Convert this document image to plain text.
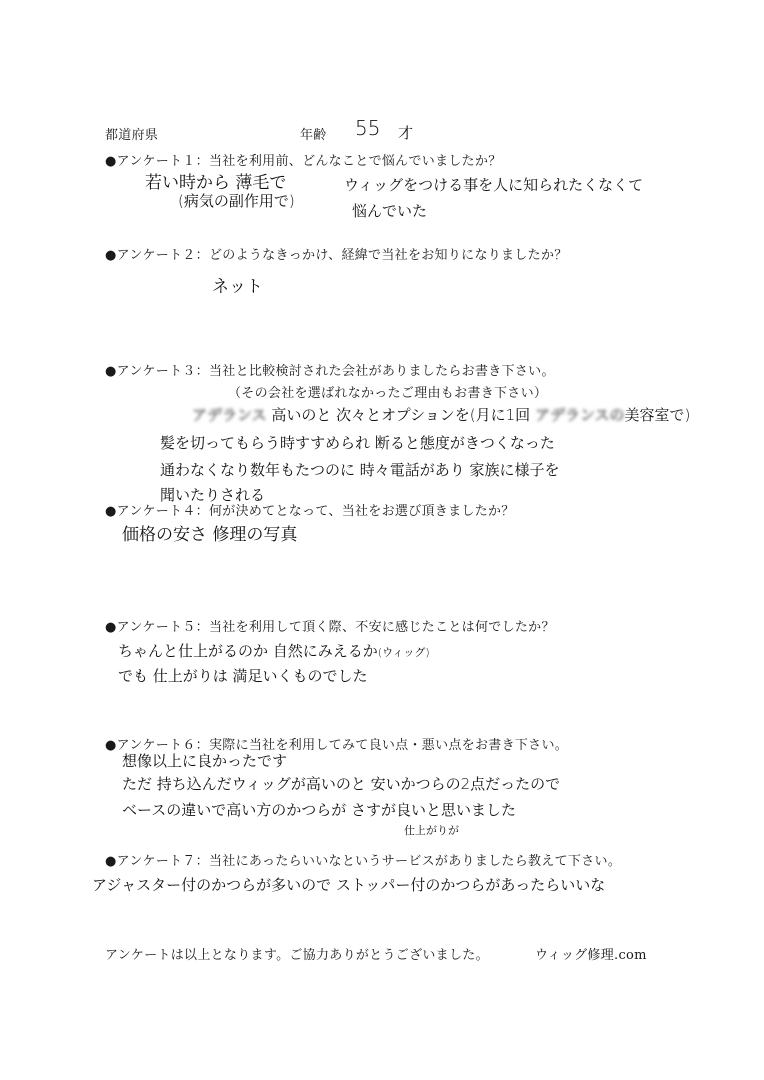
都道府県	年齢 55 才
●アンケート１：当社を利用前、どんなことで悩んでいましたか？
若い時から 薄毛で
(病気の副作用で)
ウィッグをつける事を人に知られたくなくて
悩んでいた
●アンケート２：どのようなきっかけ、経緯で当社をお知りになりましたか？
ネット
●アンケート３：当社と比較検討された会社がありましたらお書き下さい。
（その会社を選ばれなかったご理由もお書き下さい）
アデランス 高いのと 次々とオプションを(月に1回 アデランスの美容室で)
髪を切ってもらう時すすめられ 断ると態度がきつくなった
通わなくなり数年もたつのに 時々電話があり 家族に様子を
聞いたりされる
●アンケート４：何が決めてとなって、当社をお選び頂きましたか？
価格の安さ 修理の写真
●アンケート５：当社を利用して頂く際、不安に感じたことは何でしたか？
ちゃんと仕上がるのか 自然にみえるか(ウィッグ)
でも 仕上がりは 満足いくものでした
●アンケート６：実際に当社を利用してみて良い点・悪い点をお書き下さい。
想像以上に良かったです
ただ 持ち込んだウィッグが高いのと 安いかつらの2点だったので
ベースの違いで高い方のかつらが さすが良いと思いました
仕上がりが
●アンケート７：当社にあったらいいなというサービスがありましたら教えて下さい。
アジャスター付のかつらが多いので ストッパー付のかつらがあったらいいな
アンケートは以上となります。ご協力ありがとうございました。	ウィッグ修理.com
